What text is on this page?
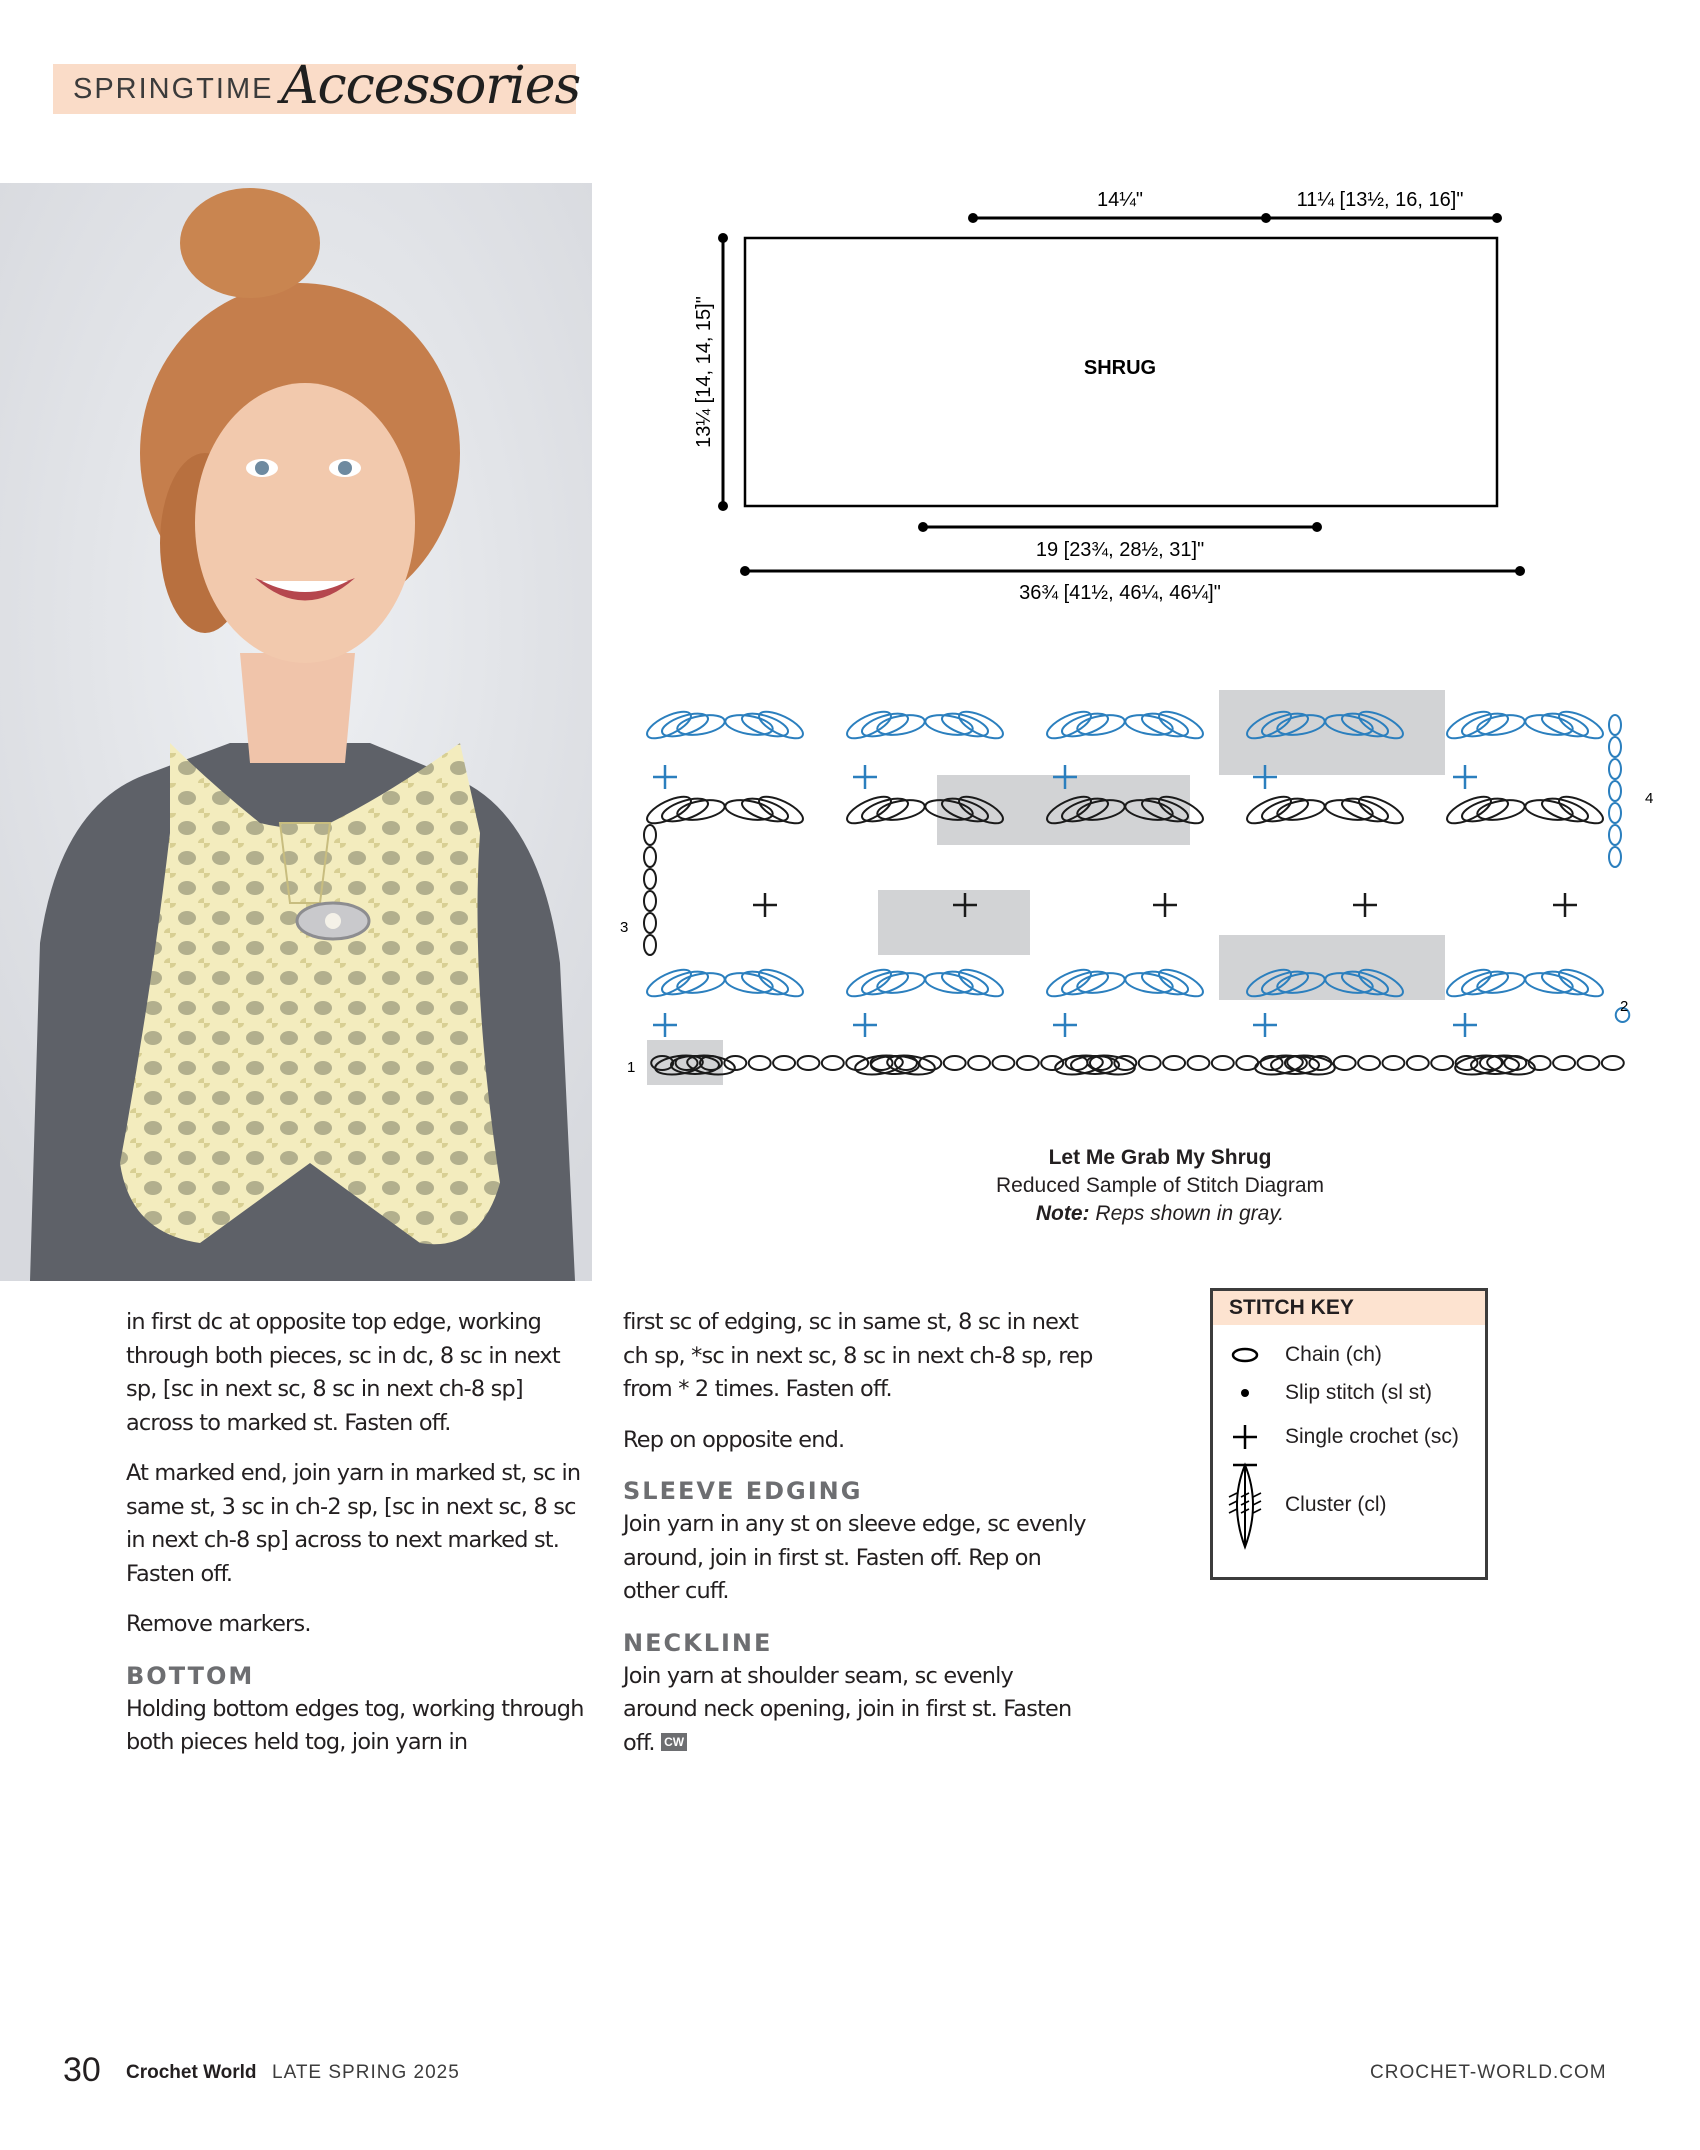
SPRINGTIME Accessories
14¼"	11¼ [13½, 16, 16]"
SHRUG
13¼ [14, 14, 15]"
19 [23¾, 28½, 31]"
36¾ [41½, 46¼, 46¼]"
1
2
3
4
Let Me Grab My Shrug
Reduced Sample of Stitch Diagram
Note: Reps shown in gray.

in first dc at opposite top edge, working through both pieces, sc in dc, 8 sc in next sp, [sc in next sc, 8 sc in next ch-8 sp] across to marked st. Fasten off.

At marked end, join yarn in marked st, sc in same st, 3 sc in ch-2 sp, [sc in next sc, 8 sc in next ch-8 sp] across to next marked st. Fasten off.

Remove markers.

BOTTOM

Holding bottom edges tog, working through both pieces held tog, join yarn in

first sc of edging, sc in same st, 8 sc in next ch sp, *sc in next sc, 8 sc in next ch-8 sp, rep from * 2 times. Fasten off.

Rep on opposite end.

SLEEVE EDGING

Join yarn in any st on sleeve edge, sc evenly around, join in first st. Fasten off. Rep on other cuff.

NECKLINE

Join yarn at shoulder seam, sc evenly around neck opening, join in first st. Fasten off. CW

STITCH KEY
Chain (ch)
Slip stitch (sl st)
Single crochet (sc)
Cluster (cl)
30 Crochet World LATE SPRING 2025	CROCHET-WORLD.COM
